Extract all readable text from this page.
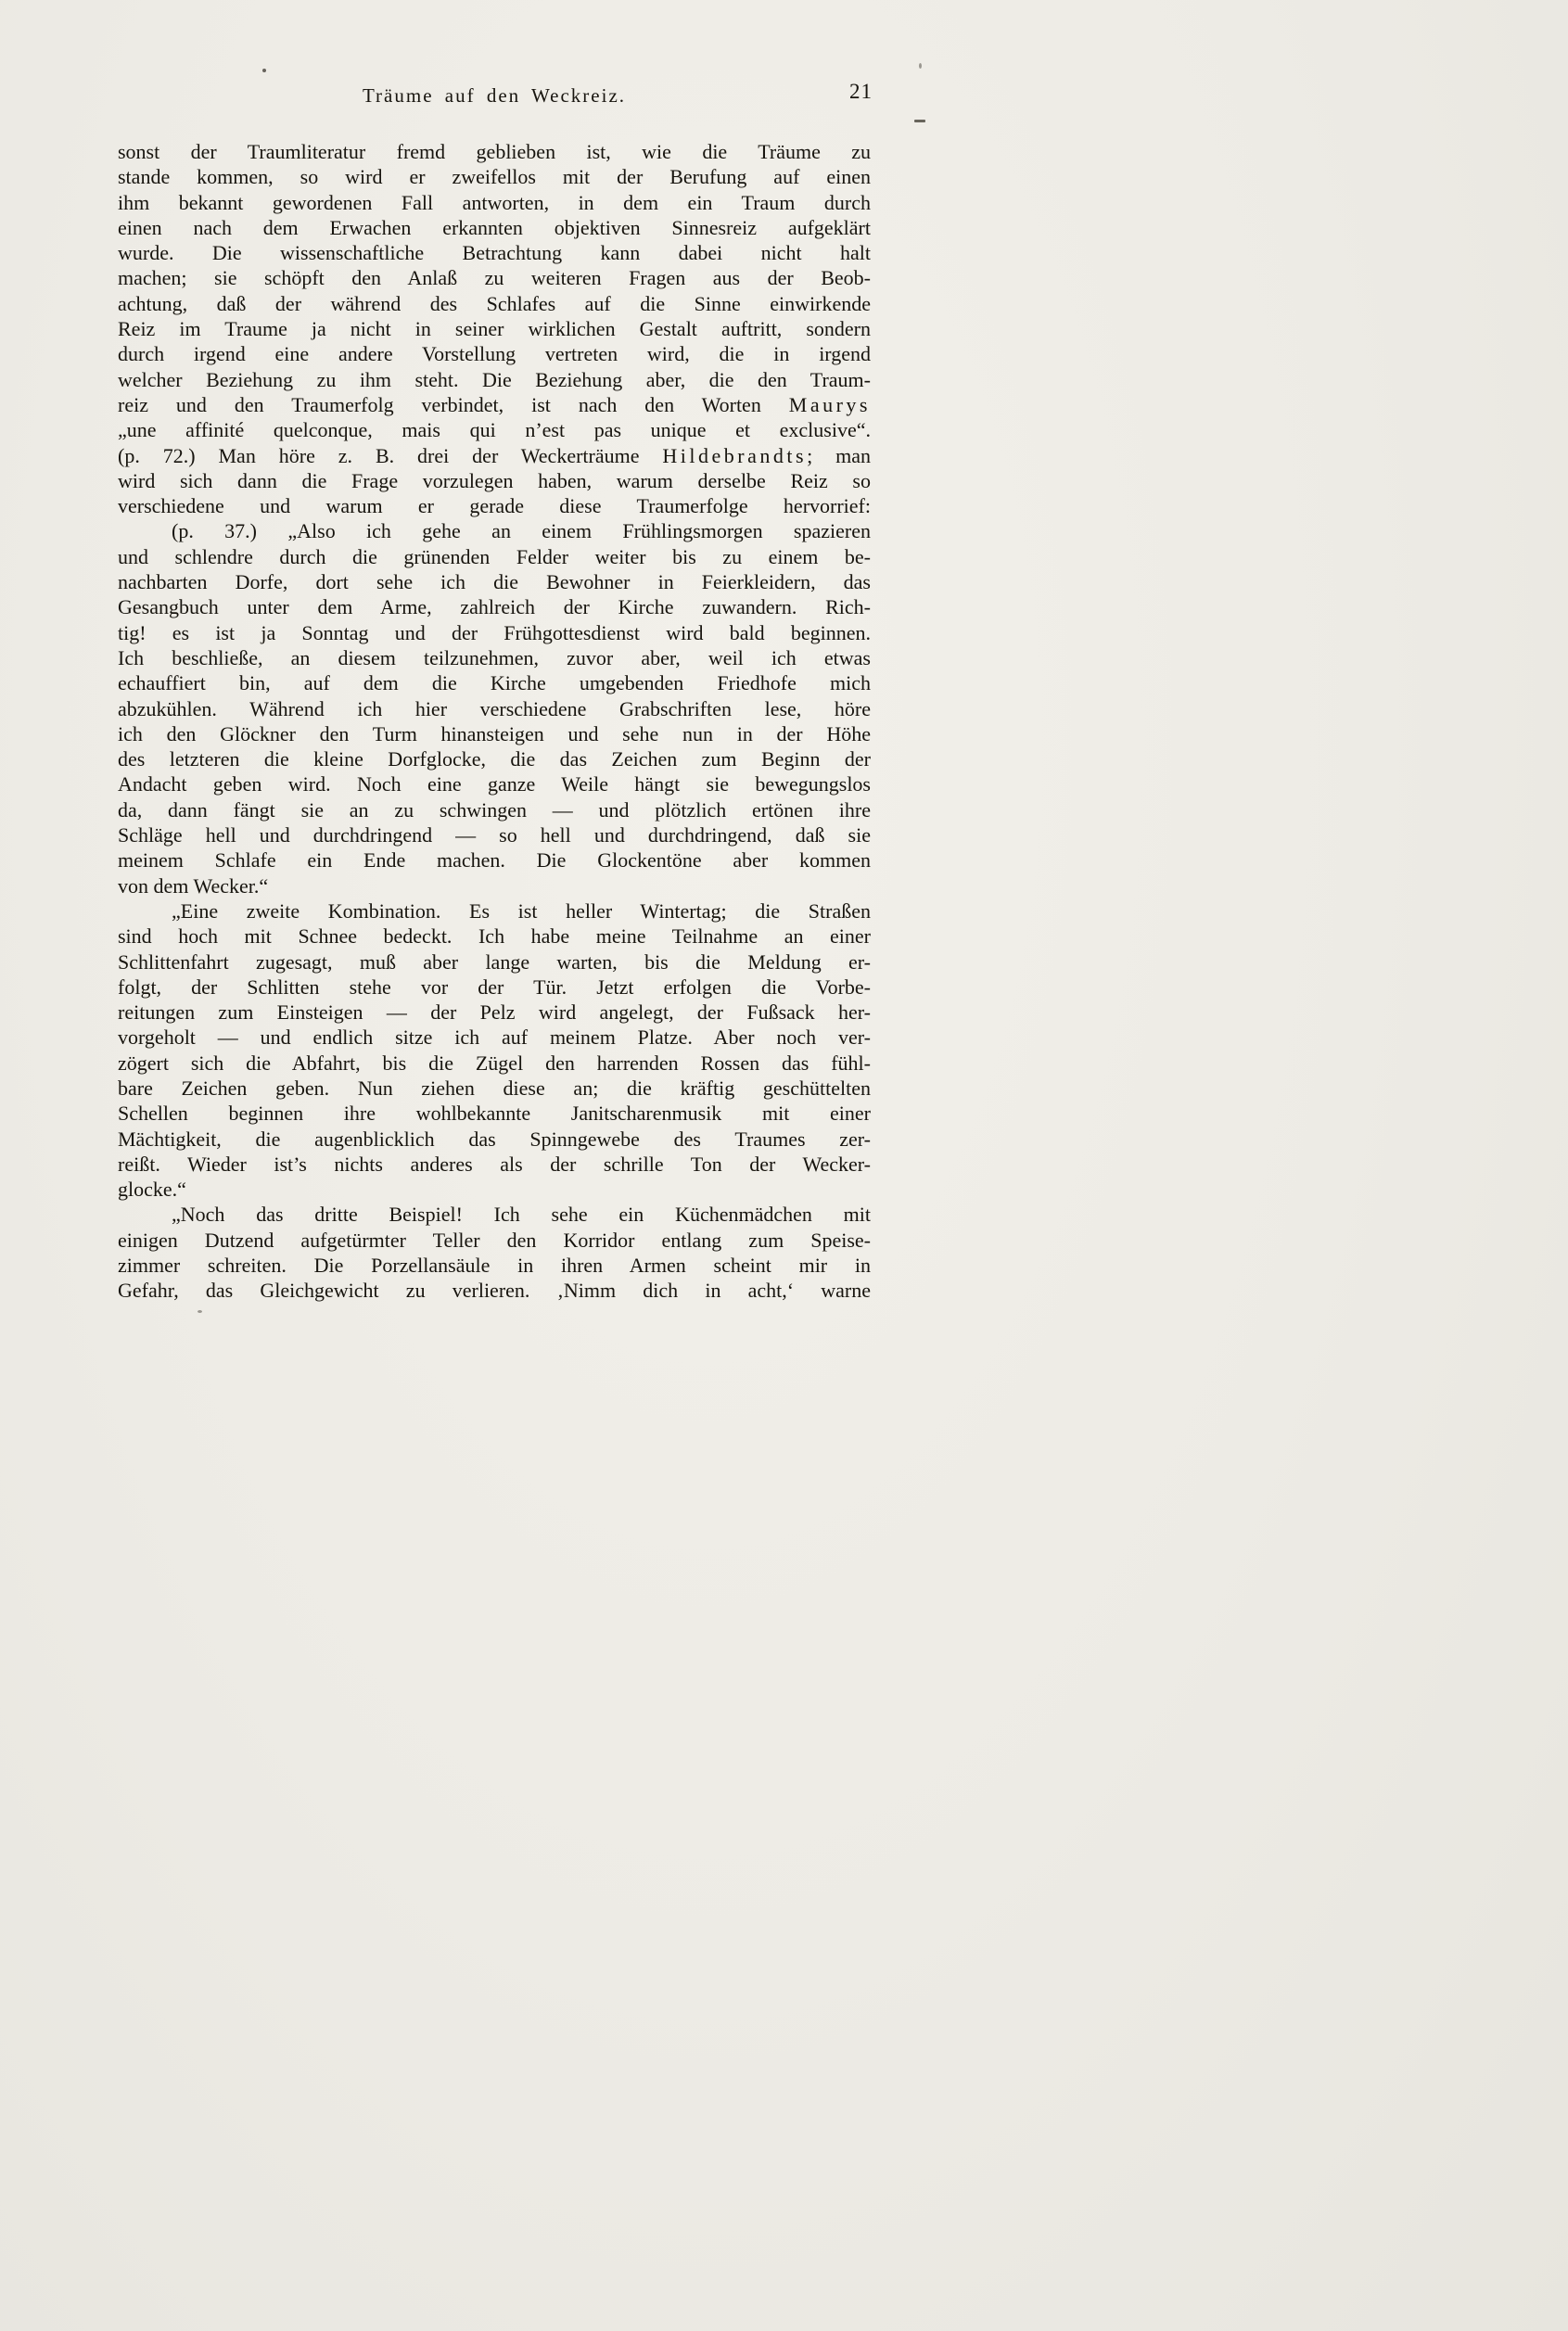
Träume auf den Weckreiz.	21
sonst der Traumliteratur fremd geblieben ist, wie die Träume zu
stande kommen, so wird er zweifellos mit der Berufung auf einen
ihm bekannt gewordenen Fall antworten, in dem ein Traum durch
einen nach dem Erwachen erkannten objektiven Sinnesreiz aufgeklärt
wurde. Die wissenschaftliche Betrachtung kann dabei nicht halt
machen; sie schöpft den Anlaß zu weiteren Fragen aus der Beob-
achtung, daß der während des Schlafes auf die Sinne einwirkende
Reiz im Traume ja nicht in seiner wirklichen Gestalt auftritt, sondern
durch irgend eine andere Vorstellung vertreten wird, die in irgend
welcher Beziehung zu ihm steht. Die Beziehung aber, die den Traum-
reiz und den Traumerfolg verbindet, ist nach den Worten Maurys
„une affinité quelconque, mais qui n’est pas unique et exclusive“.
(p. 72.) Man höre z. B. drei der Weckerträume Hildebrandts; man
wird sich dann die Frage vorzulegen haben, warum derselbe Reiz so
verschiedene und warum er gerade diese Traumerfolge hervorrief:
(p. 37.) „Also ich gehe an einem Frühlingsmorgen spazieren
und schlendre durch die grünenden Felder weiter bis zu einem be-
nachbarten Dorfe, dort sehe ich die Bewohner in Feierkleidern, das
Gesangbuch unter dem Arme, zahlreich der Kirche zuwandern. Rich-
tig! es ist ja Sonntag und der Frühgottesdienst wird bald beginnen.
Ich beschließe, an diesem teilzunehmen, zuvor aber, weil ich etwas
echauffiert bin, auf dem die Kirche umgebenden Friedhofe mich
abzukühlen. Während ich hier verschiedene Grabschriften lese, höre
ich den Glöckner den Turm hinansteigen und sehe nun in der Höhe
des letzteren die kleine Dorfglocke, die das Zeichen zum Beginn der
Andacht geben wird. Noch eine ganze Weile hängt sie bewegungslos
da, dann fängt sie an zu schwingen — und plötzlich ertönen ihre
Schläge hell und durchdringend — so hell und durchdringend, daß sie
meinem Schlafe ein Ende machen. Die Glockentöne aber kommen
von dem Wecker.“
„Eine zweite Kombination. Es ist heller Wintertag; die Straßen
sind hoch mit Schnee bedeckt. Ich habe meine Teilnahme an einer
Schlittenfahrt zugesagt, muß aber lange warten, bis die Meldung er-
folgt, der Schlitten stehe vor der Tür. Jetzt erfolgen die Vorbe-
reitungen zum Einsteigen — der Pelz wird angelegt, der Fußsack her-
vorgeholt — und endlich sitze ich auf meinem Platze. Aber noch ver-
zögert sich die Abfahrt, bis die Zügel den harrenden Rossen das fühl-
bare Zeichen geben. Nun ziehen diese an; die kräftig geschüttelten
Schellen beginnen ihre wohlbekannte Janitscharenmusik mit einer
Mächtigkeit, die augenblicklich das Spinngewebe des Traumes zer-
reißt. Wieder ist’s nichts anderes als der schrille Ton der Wecker-
glocke.“
„Noch das dritte Beispiel! Ich sehe ein Küchenmädchen mit
einigen Dutzend aufgetürmter Teller den Korridor entlang zum Speise-
zimmer schreiten. Die Porzellansäule in ihren Armen scheint mir in
Gefahr, das Gleichgewicht zu verlieren. ‚Nimm dich in acht,‘ warne
